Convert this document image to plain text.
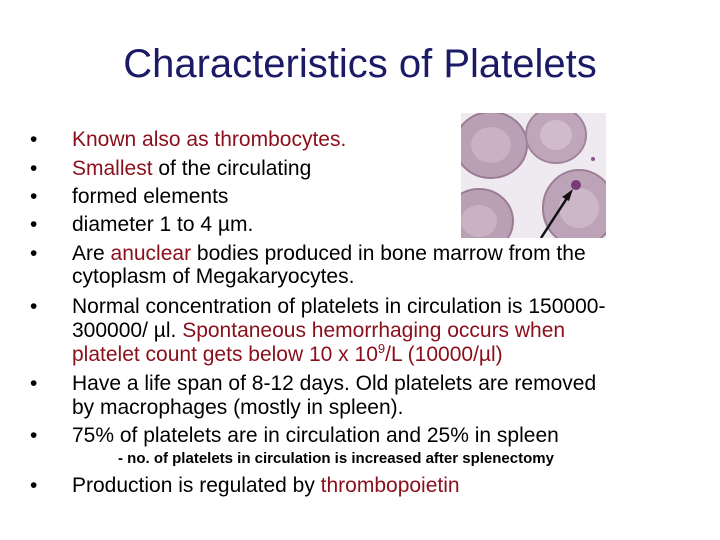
Characteristics of Platelets
• Known also as thrombocytes.
• Smallest of the circulating
• formed elements
• diameter 1 to 4 µm.
• Are anuclear bodies produced in bone marrow from the
cytoplasm of Megakaryocytes.
• Normal concentration of platelets in circulation is 150000-
300000/ µl. Spontaneous hemorrhaging occurs when
platelet count gets below 10 x $10^9/L$ (10000/µl)
• Have a life span of 8-12 days. Old platelets are removed
by macrophages (mostly in spleen).
• 75% of platelets are in circulation and 25% in spleen
- no. of platelets in circulation is increased after splenectomy
• Production is regulated by thrombopoietin
